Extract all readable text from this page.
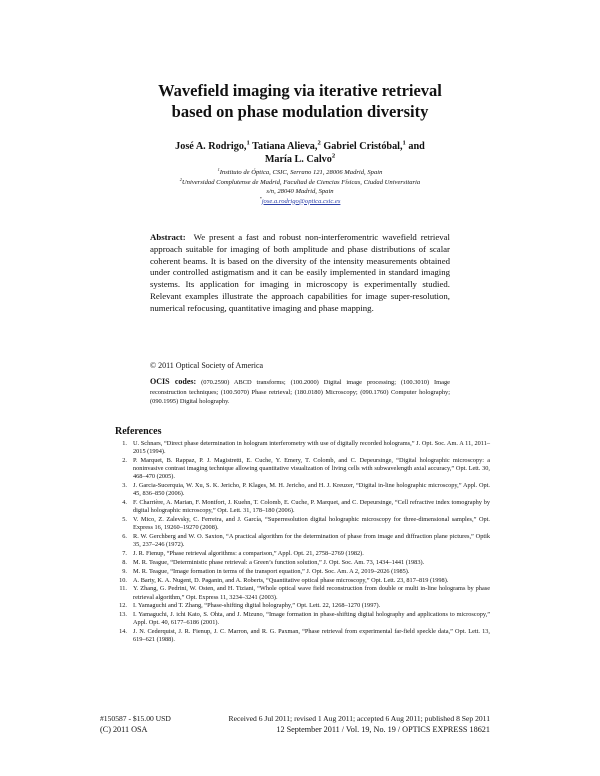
Wavefield imaging via iterative retrieval
based on phase modulation diversity
José A. Rodrigo,$^1$ Tatiana Alieva,$^2$ Gabriel Cristóbal,$^1$ and
María L. Calvo$^2$
$^1$Instituto de Óptica, CSIC, Serrano 121, 28006 Madrid, Spain
$^2$Universidad Complutense de Madrid, Facultad de Ciencias Físicas, Ciudad Universitaria
s/n, 28040 Madrid, Spain
*jose.a.rodrigo@optica.csic.es
Abstract: We present a fast and robust non-interferomentric wavefield retrieval approach suitable for imaging of both amplitude and phase distributions of scalar coherent beams. It is based on the diversity of the intensity measurements obtained under controlled astigmatism and it can be easily implemented in standard imaging systems. Its application for imaging in microscopy is experimentally studied. Relevant examples illustrate the approach capabilities for image super-resolution, numerical refocusing, quantitative imaging and phase mapping.
© 2011 Optical Society of America
OCIS codes: (070.2590) ABCD transforms; (100.2000) Digital image processing; (100.3010) Image reconstruction techniques; (100.5070) Phase retrieval; (180.0180) Microscopy; (090.1760) Computer holography; (090.1995) Digital holography.
References
1. U. Schnars, “Direct phase determination in hologram interferometry with use of digitally recorded holograms,” J. Opt. Soc. Am. A 11, 2011–2015 (1994).
2. P. Marquet, B. Rappaz, P. J. Magistretti, E. Cuche, Y. Emery, T. Colomb, and C. Depeursinge, “Digital holographic microscopy: a noninvasive contrast imaging technique allowing quantitative visualization of living cells with subwavelength axial accuracy,” Opt. Lett. 30, 468–470 (2005).
3. J. Garcia-Sucerquia, W. Xu, S. K. Jericho, P. Klages, M. H. Jericho, and H. J. Kreuzer, “Digital in-line holographic microscopy,” Appl. Opt. 45, 836–850 (2006).
4. F. Charrière, A. Marian, F. Montfort, J. Kuehn, T. Colomb, E. Cuche, P. Marquet, and C. Depeursinge, “Cell refractive index tomography by digital holographic microscopy,” Opt. Lett. 31, 178–180 (2006).
5. V. Mico, Z. Zalevsky, C. Ferreira, and J. García, “Superresolution digital holographic microscopy for three-dimensional samples,” Opt. Express 16, 19260–19270 (2008).
6. R. W. Gerchberg and W. O. Saxton, “A practical algorithm for the determination of phase from image and diffraction plane pictures,” Optik 35, 237–246 (1972).
7. J. R. Fienup, “Phase retrieval algorithms: a comparison,” Appl. Opt. 21, 2758–2769 (1982).
8. M. R. Teague, “Deterministic phase retrieval: a Green’s function solution,” J. Opt. Soc. Am. 73, 1434–1441 (1983).
9. M. R. Teague, “Image formation in terms of the transport equation,” J. Opt. Soc. Am. A 2, 2019–2026 (1985).
10. A. Barty, K. A. Nugent, D. Paganin, and A. Roberts, “Quantitative optical phase microscopy,” Opt. Lett. 23, 817–819 (1998).
11. Y. Zhang, G. Pedrini, W. Osten, and H. Tiziani, “Whole optical wave field reconstruction from double or multi in-line holograms by phase retrieval algorithm,” Opt. Express 11, 3234–3241 (2003).
12. I. Yamaguchi and T. Zhang, “Phase-shifting digital holography,” Opt. Lett. 22, 1268–1270 (1997).
13. I. Yamaguchi, J. ichi Kato, S. Ohta, and J. Mizuno, “Image formation in phase-shifting digital holography and applications to microscopy,” Appl. Opt. 40, 6177–6186 (2001).
14. J. N. Cederquist, J. R. Fienup, J. C. Marron, and R. G. Paxman, “Phase retrieval from experimental far-field speckle data,” Opt. Lett. 13, 619–621 (1988).
#150587 - $15.00 USD
(C) 2011 OSA
Received 6 Jul 2011; revised 1 Aug 2011; accepted 6 Aug 2011; published 8 Sep 2011
12 September 2011 / Vol. 19, No. 19 / OPTICS EXPRESS 18621
